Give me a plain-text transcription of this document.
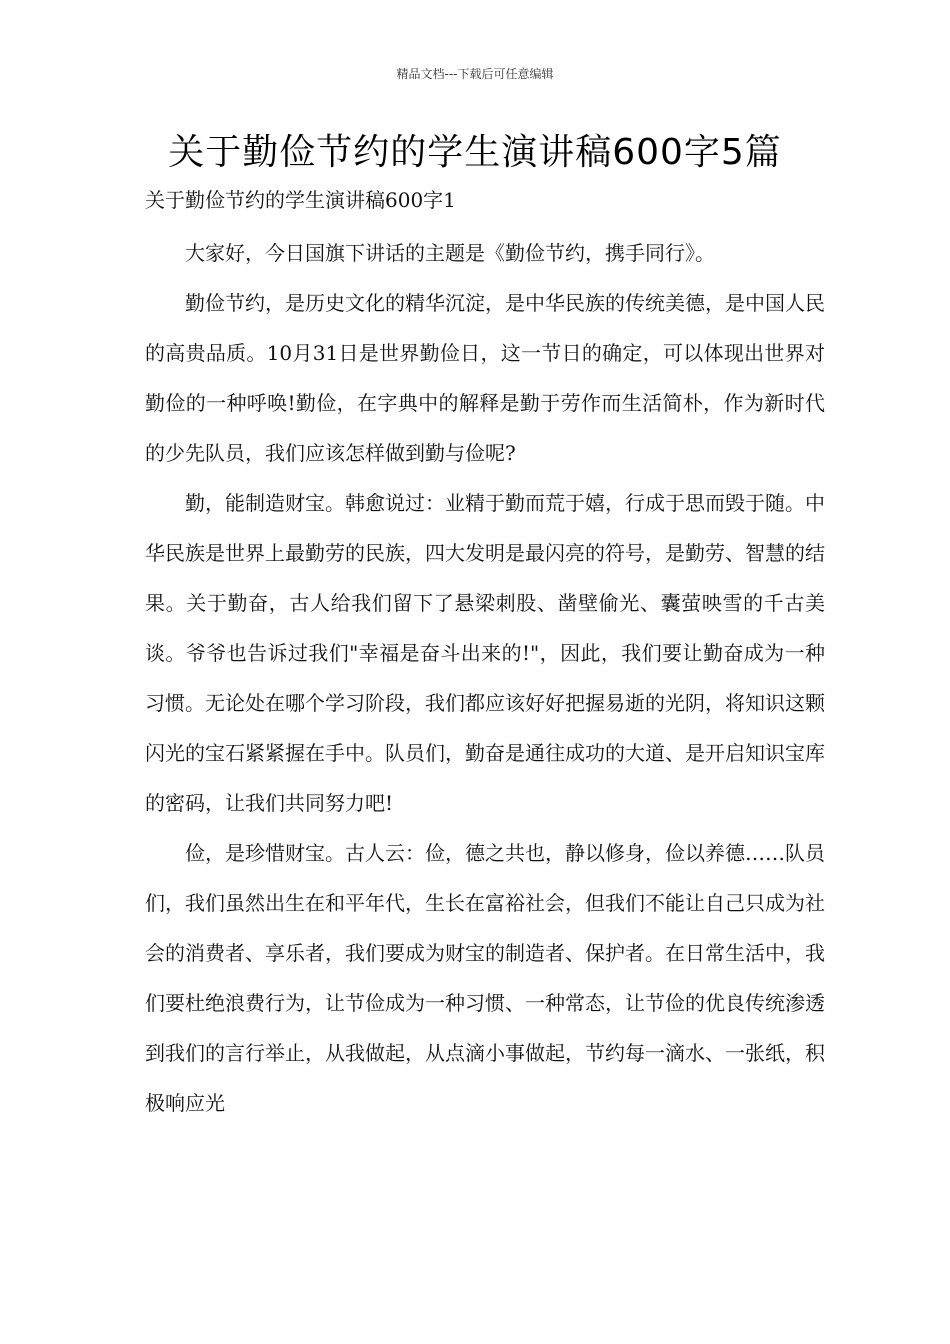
精品文档---下载后可任意编辑
关于勤俭节约的学生演讲稿600字5篇
关于勤俭节约的学生演讲稿600字1

大家好，今日国旗下讲话的主题是《勤俭节约，携手同行》。

勤俭节约，是历史文化的精华沉淀，是中华民族的传统美德，是中国人民的高贵品质。10月31日是世界勤俭日，这一节日的确定，可以体现出世界对勤俭的一种呼唤!勤俭，在字典中的解释是勤于劳作而生活简朴，作为新时代的少先队员，我们应该怎样做到勤与俭呢?

勤，能制造财宝。韩愈说过：业精于勤而荒于嬉，行成于思而毁于随。中华民族是世界上最勤劳的民族，四大发明是最闪亮的符号，是勤劳、智慧的结果。关于勤奋，古人给我们留下了悬梁刺股、凿壁偷光、囊萤映雪的千古美谈。爷爷也告诉过我们"幸福是奋斗出来的!"，因此，我们要让勤奋成为一种习惯。无论处在哪个学习阶段，我们都应该好好把握易逝的光阴，将知识这颗闪光的宝石紧紧握在手中。队员们，勤奋是通往成功的大道、是开启知识宝库的密码，让我们共同努力吧!

俭，是珍惜财宝。古人云：俭，德之共也，静以修身，俭以养德……队员们，我们虽然出生在和平年代，生长在富裕社会，但我们不能让自己只成为社会的消费者、享乐者，我们要成为财宝的制造者、保护者。在日常生活中，我们要杜绝浪费行为，让节俭成为一种习惯、一种常态，让节俭的优良传统渗透到我们的言行举止，从我做起，从点滴小事做起，节约每一滴水、一张纸，积极响应光
